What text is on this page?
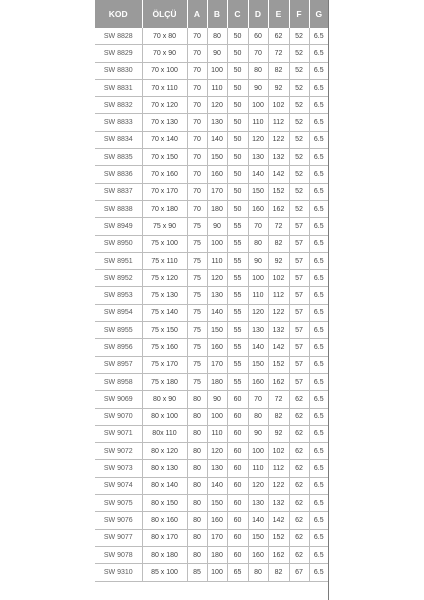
KOD	ÖLÇÜ	A	B	C	D	E	F	G
SW 8828	70 x 80	70	80	50	60	62	52	6.5
SW 8829	70 x 90	70	90	50	70	72	52	6.5
SW 8830	70 x 100	70	100	50	80	82	52	6.5
SW 8831	70 x 110	70	110	50	90	92	52	6.5
SW 8832	70 x 120	70	120	50	100	102	52	6.5
SW 8833	70 x 130	70	130	50	110	112	52	6.5
SW 8834	70 x 140	70	140	50	120	122	52	6.5
SW 8835	70 x 150	70	150	50	130	132	52	6.5
SW 8836	70 x 160	70	160	50	140	142	52	6.5
SW 8837	70 x 170	70	170	50	150	152	52	6.5
SW 8838	70 x 180	70	180	50	160	162	52	6.5
SW 8949	75 x 90	75	90	55	70	72	57	6.5
SW 8950	75 x 100	75	100	55	80	82	57	6.5
SW 8951	75 x 110	75	110	55	90	92	57	6.5
SW 8952	75 x 120	75	120	55	100	102	57	6.5
SW 8953	75 x 130	75	130	55	110	112	57	6.5
SW 8954	75 x 140	75	140	55	120	122	57	6.5
SW 8955	75 x 150	75	150	55	130	132	57	6.5
SW 8956	75 x 160	75	160	55	140	142	57	6.5
SW 8957	75 x 170	75	170	55	150	152	57	6.5
SW 8958	75 x 180	75	180	55	160	162	57	6.5
SW 9069	80 x 90	80	90	60	70	72	62	6.5
SW 9070	80 x 100	80	100	60	80	82	62	6.5
SW 9071	80x 110	80	110	60	90	92	62	6.5
SW 9072	80 x 120	80	120	60	100	102	62	6.5
SW 9073	80 x 130	80	130	60	110	112	62	6.5
SW 9074	80 x 140	80	140	60	120	122	62	6.5
SW 9075	80 x 150	80	150	60	130	132	62	6.5
SW 9076	80 x 160	80	160	60	140	142	62	6.5
SW 9077	80 x 170	80	170	60	150	152	62	6.5
SW 9078	80 x 180	80	180	60	160	162	62	6.5
SW 9310	85 x 100	85	100	65	80	82	67	6.5
